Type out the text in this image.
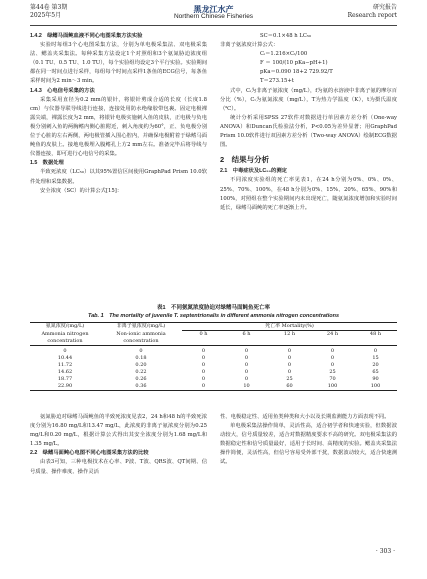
第44卷 第3期
2025年5月
黑龙江水产
Northern Chinese Fisheries
研究报告
Research report
1.4.2　绿鳍马面鲀血液不同心电图采集方法实验
实验时每组3个心电图采集方法，分别为单电极采集法、双电极采集法、鳃盖夹采集法。每种采集方法设定1个对照组和3个氨氮胁迫浓度组（0.1 TU、0.5 TU、1.0 TU），每个实验组均设定3个平行实验。实验期间都在同一时间点进行采样，每组每个时间点采样1条鱼的ECG信号，每条鱼采样时间为2 min～3 min。
1.4.3　心电信号采集的方法
采集采用直径为0.2 mm的银针，将银针剪成合适的长度（长度1.8 cm）与仪器导联导线进行连接，连接处用防水绝缘胶带包裹。固定电极裸露尖端，裸露长度为2 mm，将银针电极实施刺入鱼的皮肤，正电极与负电极分别刺入鱼的两胸鳍内侧心脏附近，刺入角度约为60°，正、负电极分别位于心脏的左右两侧，两电极管插入围心腔内，并确保电极附着于绿鳍马面鲀鱼的皮肤上。接地电极埋入腹鳍孔上方2 mm左右。准备完毕后将导线与仪器连接，即可进行心电信号的采集。
1.5　数据处理
半致死浓度（LC₅₀）以其95%置信区间使用GraphPad Prism 10.0软件处理和采集数据。
安全浓度（SC）的计算公式[15]：
SC＝0.1×48 h LC₅₀
非离子氨浓度计算公式：
Cᵢ＝1.216×Cₜ/100
F ＝ 100/(10 pKa−pH+1)
pKa＝0.090 18+2 729.92/T
T＝273.15+t
式中，Cᵢ为非离子氨浓度（mg/L），f为氨的水溶液中非离子氨的摩尔百分比（%），Cₜ为氨氮浓度（mg/L），T为热力学温度（K），t为摄氏温度（℃）。
统计分析采用SPSS 27软件对数据进行单因素方差分析（One-way ANOVA）和Duncan氏检验法分析，P<0.05为差异显著；用GraphPad Prism 10.0软件进行双因素方差分析（Two-way ANOVA）绘制ECG数据图。
2　结果与分析
2.1　中毒症状及LC₅₀的测定
不同浓度实验组的死亡率见表1，在24 h分别为0%、0%、0%、25%、70%、100%，在48 h分别为0%、15%、20%、65%、90%和100%，对照组在整个实验期间内未出现死亡，随氨氮浓度增加和实验时间延长，绿鳍马面鲀的死亡率逐渐上升。
表1　不同氨氮浓度胁迫对绿鳍马面鲀鱼死亡率
Tab. 1　The mortality of juvenile T. septentrionalis in different ammonia nitrogen concentrations
氨氮浓度/(mg/L)	非离子氨浓度/(mg/L)	死亡率 Mortality(%)				
Ammonia nitrogen	Non-ionic ammonia	0 h	6 h	12 h	24 h	48 h
concentration	concentration					
0	0	0	0	0	0	0
10.44	0.18	0	0	0	0	15
11.72	0.20	0	0	0	0	20
14.62	0.22	0	0	0	25	65
18.77	0.26	0	0	25	70	90
22.90	0.36	0	10	60	100	100
氨氮胁迫对绿鳍马面鲀鱼的半致死浓度见表2，24 h和48 h的半致死浓度分别为16.80 mg/L和13.47 mg/L，此浓度的非离子氨浓度分别为0.25 mg/L和0.20 mg/L，根据计算公式得出其安全浓度分别为1.68 mg/L和1.35 mg/L。
2.2　绿鳍马面鲀心电图不同心电图采集方法的比较
由表3可知，三种电极技术在心率、P波、T波、QRS波、QT间期、信号质量、操作难度、操作灵活
性、电极稳定性、适用鱼类种类和大小以及长期监测能力方面表现不同。
单电极采集法操作简单，灵活性高，适合初学者和快速实验，但数据波动较大，信号质量较差，适合对数据精度要求不高的研究。双电极采集法的数据稳定性和信号质量最好，适用于长时间、高精度的实验。鳃盖夹采集法操作简便，灵活性高，但信号容易受外部干扰，数据波动较大，适合快速测试。
· 303 ·
